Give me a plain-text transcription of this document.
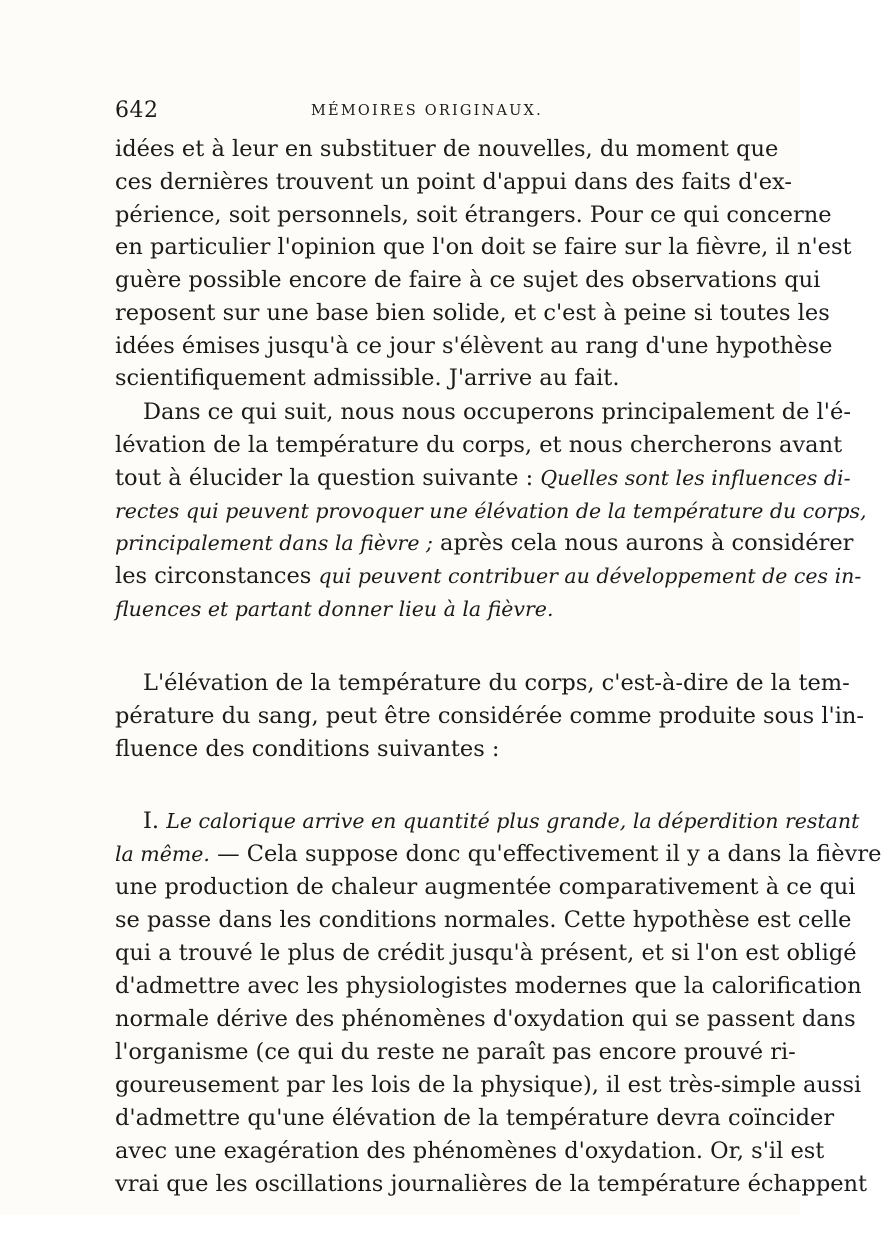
642	MÉMOIRES ORIGINAUX.
idées et à leur en substituer de nouvelles, du moment que
ces dernières trouvent un point d'appui dans des faits d'ex-
périence, soit personnels, soit étrangers. Pour ce qui concerne
en particulier l'opinion que l'on doit se faire sur la fièvre, il n'est
guère possible encore de faire à ce sujet des observations qui
reposent sur une base bien solide, et c'est à peine si toutes les
idées émises jusqu'à ce jour s'élèvent au rang d'une hypothèse
scientifiquement admissible. J'arrive au fait.
Dans ce qui suit, nous nous occuperons principalement de l'é-
lévation de la température du corps, et nous chercherons avant
tout à élucider la question suivante : Quelles sont les influences di-
rectes qui peuvent provoquer une élévation de la température du corps,
principalement dans la fièvre ; après cela nous aurons à considérer
les circonstances qui peuvent contribuer au développement de ces in-
fluences et partant donner lieu à la fièvre.
L'élévation de la température du corps, c'est-à-dire de la tem-
pérature du sang, peut être considérée comme produite sous l'in-
fluence des conditions suivantes :
I. Le calorique arrive en quantité plus grande, la déperdition restant
la même. — Cela suppose donc qu'effectivement il y a dans la fièvre
une production de chaleur augmentée comparativement à ce qui
se passe dans les conditions normales. Cette hypothèse est celle
qui a trouvé le plus de crédit jusqu'à présent, et si l'on est obligé
d'admettre avec les physiologistes modernes que la calorification
normale dérive des phénomènes d'oxydation qui se passent dans
l'organisme (ce qui du reste ne paraît pas encore prouvé ri-
goureusement par les lois de la physique), il est très-simple aussi
d'admettre qu'une élévation de la température devra coïncider
avec une exagération des phénomènes d'oxydation. Or, s'il est
vrai que les oscillations journalières de la température échappent
